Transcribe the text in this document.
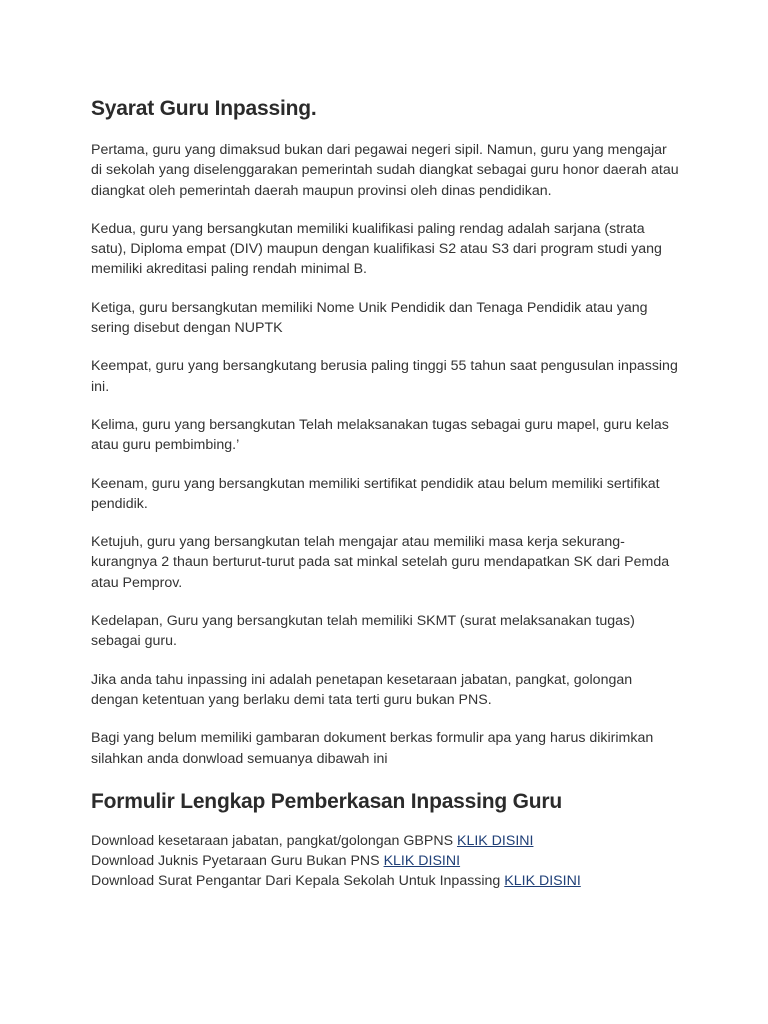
Syarat Guru Inpassing.

Pertama, guru yang dimaksud bukan dari pegawai negeri sipil. Namun, guru yang mengajar di sekolah yang diselenggarakan pemerintah sudah diangkat sebagai guru honor daerah atau diangkat oleh pemerintah daerah maupun provinsi oleh dinas pendidikan.

Kedua, guru yang bersangkutan memiliki kualifikasi paling rendag adalah sarjana (strata satu), Diploma empat (DIV) maupun dengan kualifikasi S2 atau S3 dari program studi yang memiliki akreditasi paling rendah minimal B.

Ketiga, guru bersangkutan memiliki Nome Unik Pendidik dan Tenaga Pendidik atau yang sering disebut dengan NUPTK

Keempat, guru yang bersangkutang berusia paling tinggi 55 tahun saat pengusulan inpassing ini.

Kelima, guru yang bersangkutan Telah melaksanakan tugas sebagai guru mapel, guru kelas atau guru pembimbing.’

Keenam, guru yang bersangkutan memiliki sertifikat pendidik atau belum memiliki sertifikat pendidik.

Ketujuh, guru yang bersangkutan telah mengajar atau memiliki masa kerja sekurang-kurangnya 2 thaun berturut-turut pada sat minkal setelah guru mendapatkan SK dari Pemda atau Pemprov.

Kedelapan, Guru yang bersangkutan telah memiliki SKMT (surat melaksanakan tugas) sebagai guru.

Jika anda tahu inpassing ini adalah penetapan kesetaraan jabatan, pangkat, golongan dengan ketentuan yang berlaku demi tata terti guru bukan PNS.

Bagi yang belum memiliki gambaran dokument berkas formulir apa yang harus dikirimkan silahkan anda donwload semuanya dibawah ini

Formulir Lengkap Pemberkasan Inpassing Guru
Download kesetaraan jabatan, pangkat/golongan GBPNS KLIK DISINI
Download Juknis Pyetaraan Guru Bukan PNS KLIK DISINI
Download Surat Pengantar Dari Kepala Sekolah Untuk Inpassing KLIK DISINI
